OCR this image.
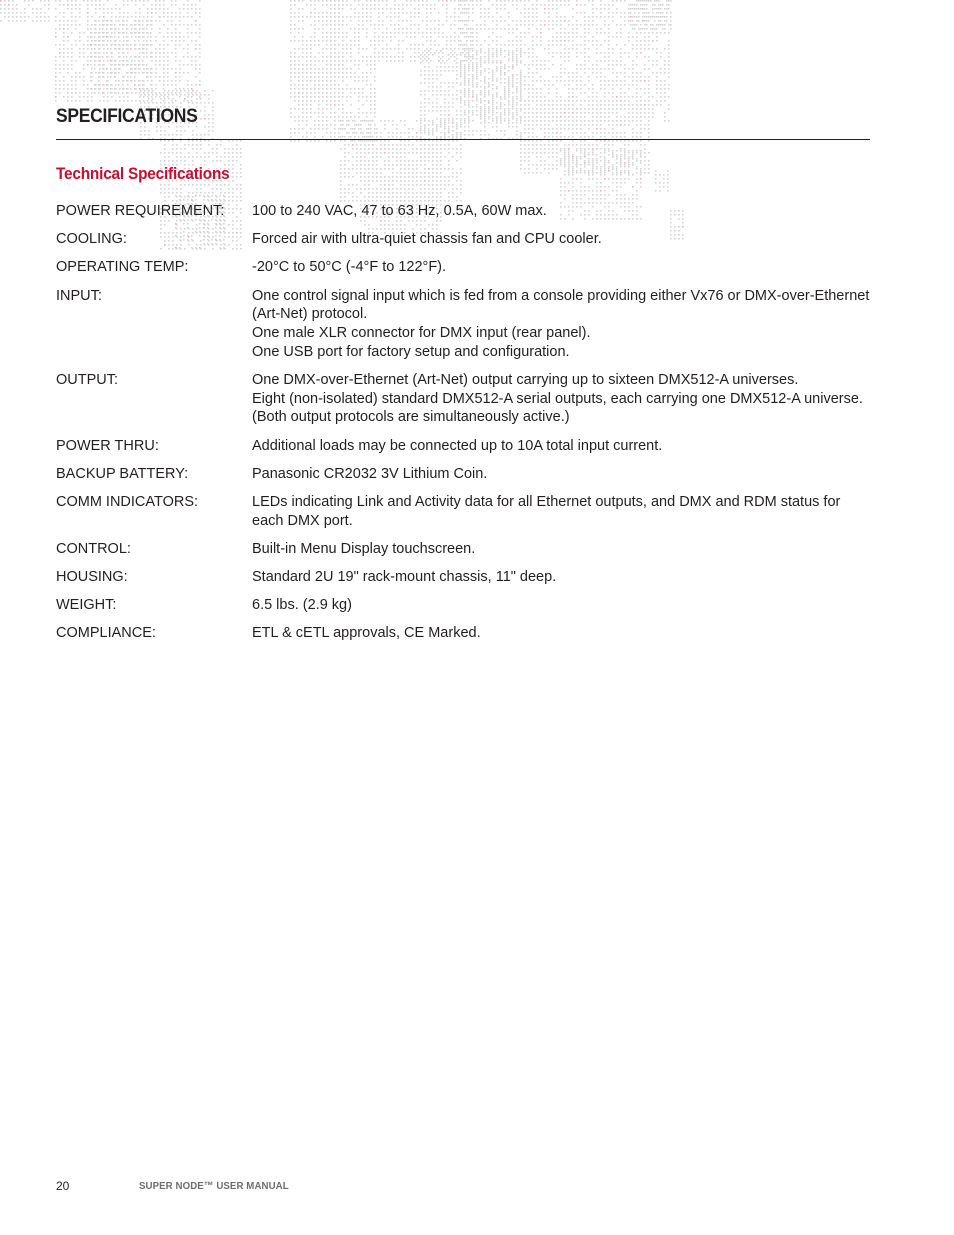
SPECIFICATIONS
Technical Specifications
POWER REQUIREMENT:	100 to 240 VAC, 47 to 63 Hz, 0.5A, 60W max.
COOLING:	Forced air with ultra-quiet chassis fan and CPU cooler.
OPERATING TEMP:	-20°C to 50°C (-4°F to 122°F).
INPUT:	One control signal input which is fed from a console providing either Vx76 or DMX-over-Ethernet (Art-Net) protocol.
One male XLR connector for DMX input (rear panel).
One USB port for factory setup and configuration.
OUTPUT:	One DMX-over-Ethernet (Art-Net) output carrying up to sixteen DMX512-A universes.
Eight (non-isolated) standard DMX512-A serial outputs, each carrying one DMX512-A universe. (Both output protocols are simultaneously active.)
POWER THRU:	Additional loads may be connected up to 10A total input current.
BACKUP BATTERY:	Panasonic CR2032 3V Lithium Coin.
COMM INDICATORS:	LEDs indicating Link and Activity data for all Ethernet outputs, and DMX and RDM status for each DMX port.
CONTROL:	Built-in Menu Display touchscreen.
HOUSING:	Standard 2U 19" rack-mount chassis, 11" deep.
WEIGHT:	6.5 lbs. (2.9 kg)
COMPLIANCE:	ETL & cETL approvals, CE Marked.
20	SUPER NODE™ USER MANUAL
